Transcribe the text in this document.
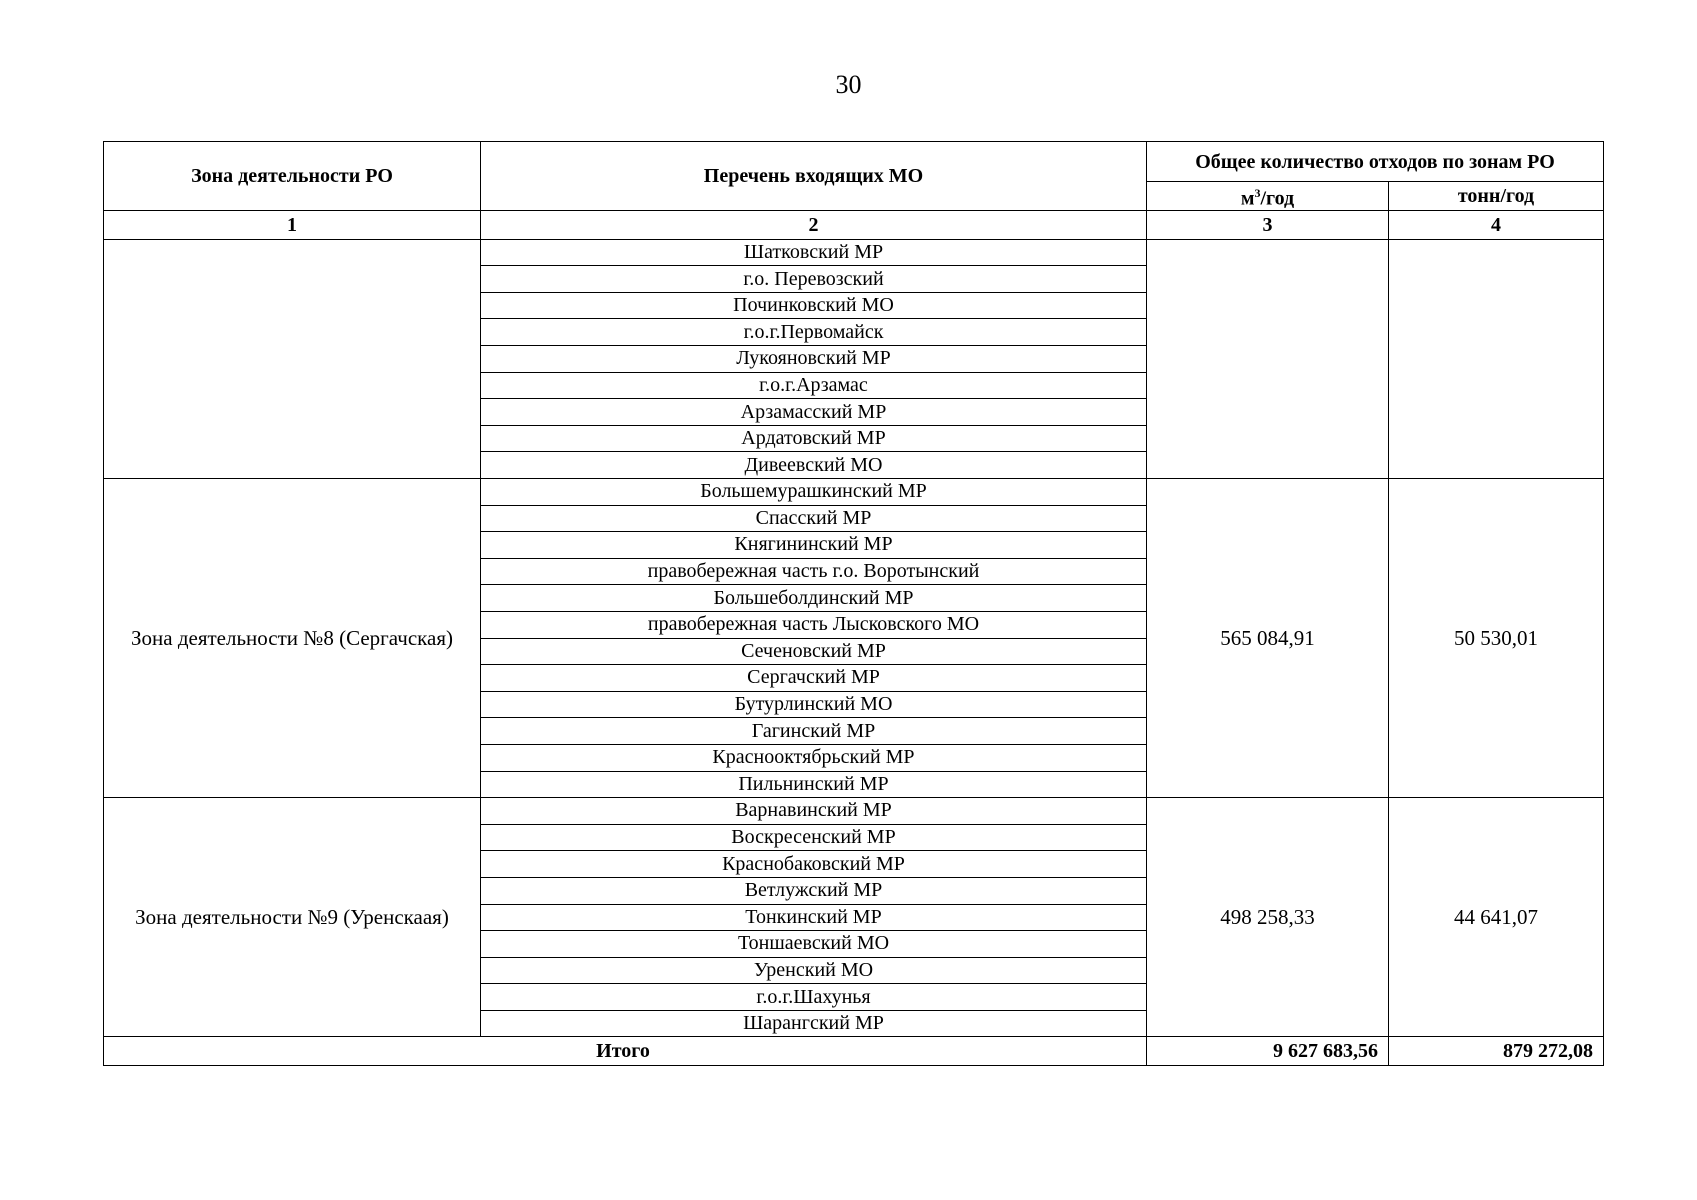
30
Зона деятельности РО	Перечень входящих МО	Общее количество отходов по зонам РО	
		$м^3$/год	тонн/год
1	2	3	4
	Шатковский МР		
	г.о. Перевозский		
	Починковский МО		
	г.о.г.Первомайск		
	Лукояновский МР		
	г.о.г.Арзамас		
	Арзамасский МР		
	Ардатовский МР		
	Дивеевский МО		
Зона деятельности №8 (Сергачская)	Большемурашкинский МР	565 084,91	50 530,01
	Спасский МР		
	Княгининский МР		
	правобережная часть г.о. Воротынский		
	Большеболдинский МР		
	правобережная часть Лысковского МО		
	Сеченовский МР		
	Сергачский МР		
	Бутурлинский МО		
	Гагинский МР		
	Краснооктябрьский МР		
	Пильнинский МР		
Зона деятельности №9 (Уренскаая)	Варнавинский МР	498 258,33	44 641,07
	Воскресенский МР		
	Краснобаковский МР		
	Ветлужский МР		
	Тонкинский МР		
	Тоншаевский МО		
	Уренский МО		
	г.о.г.Шахунья		
	Шарангский МР		
Итого		9 627 683,56	879 272,08
